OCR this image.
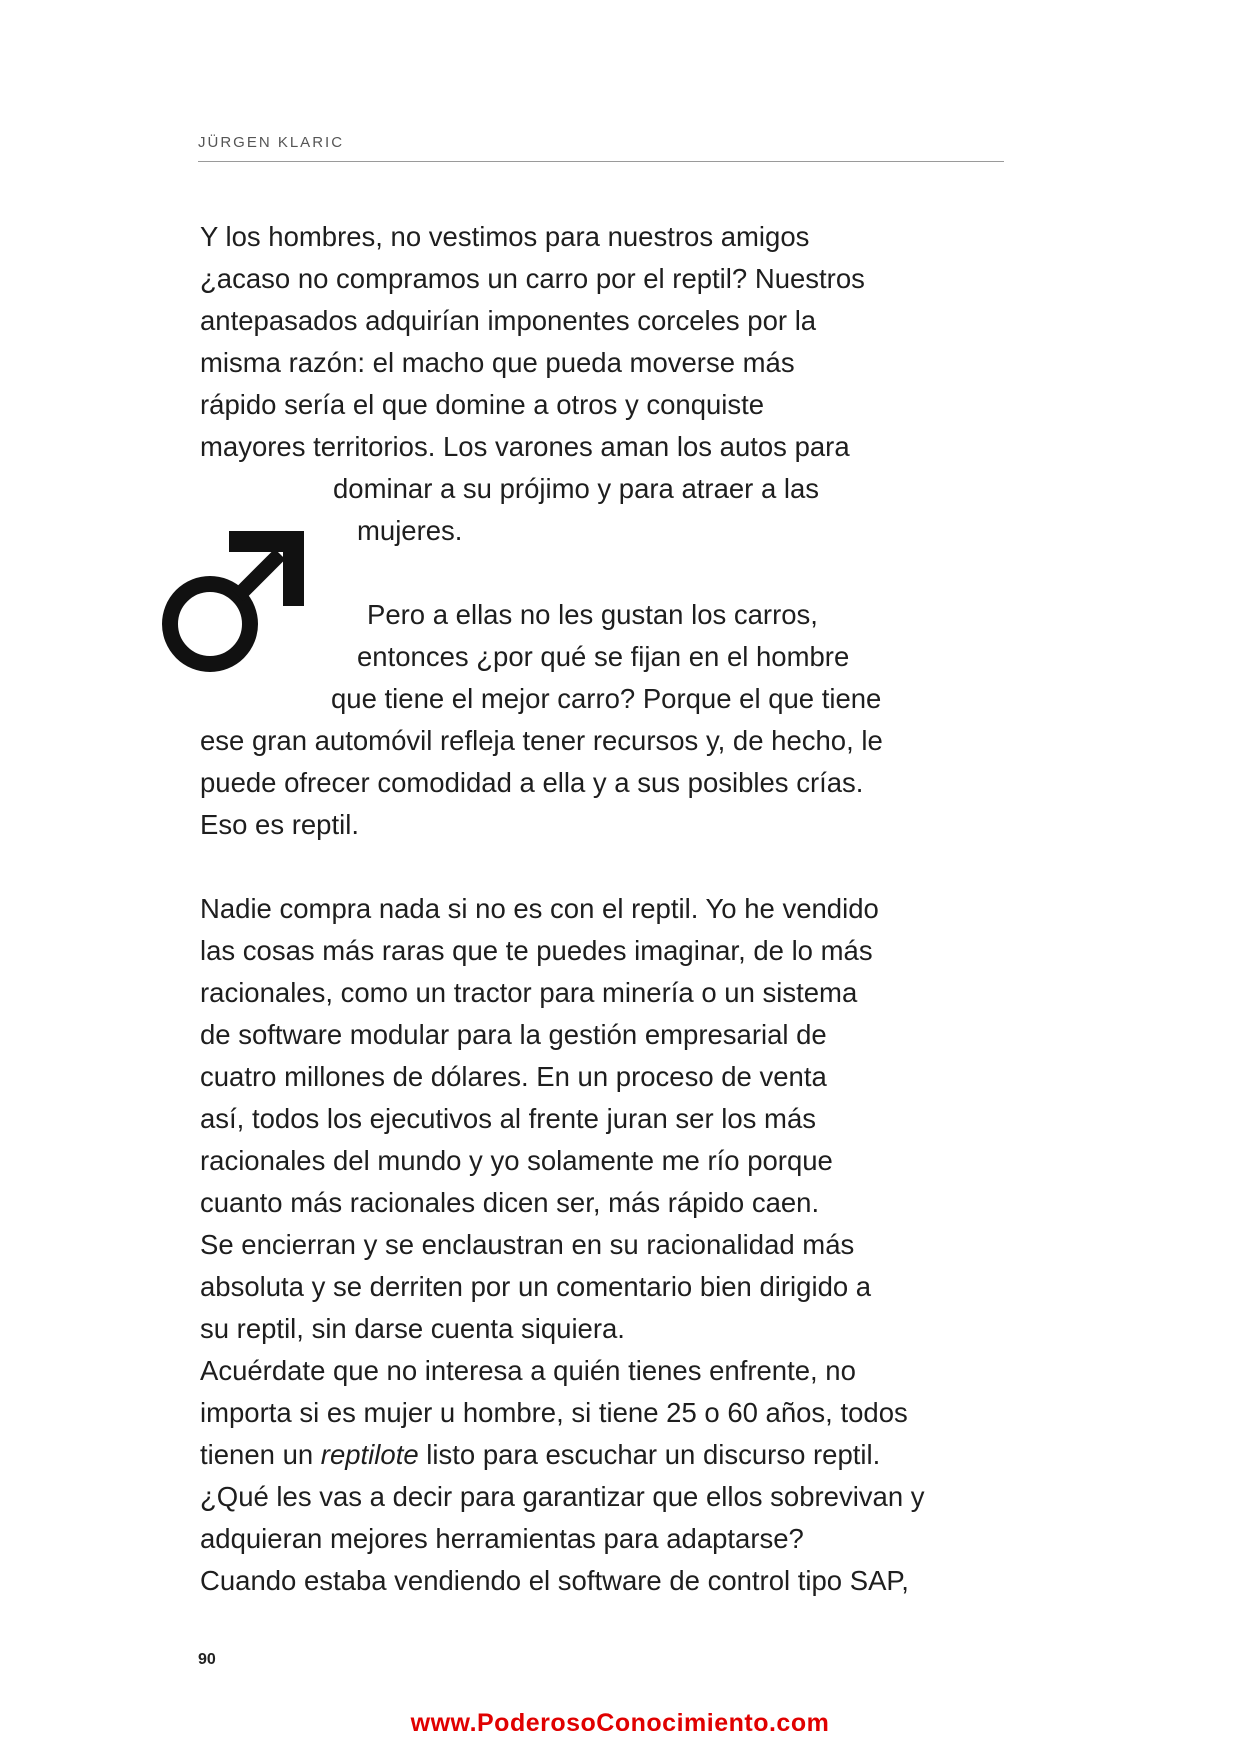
JÜRGEN KLARIC
Y los hombres, no vestimos para nuestros amigos
¿acaso no compramos un carro por el reptil? Nuestros
antepasados adquirían imponentes corceles por la
misma razón: el macho que pueda moverse más
rápido sería el que domine a otros y conquiste
mayores territorios. Los varones aman los autos para
dominar a su prójimo y para atraer a las
mujeres.
Pero a ellas no les gustan los carros,
entonces ¿por qué se fijan en el hombre
que tiene el mejor carro? Porque el que tiene
ese gran automóvil refleja tener recursos y, de hecho, le
puede ofrecer comodidad a ella y a sus posibles crías.
Eso es reptil.
Nadie compra nada si no es con el reptil. Yo he vendido
las cosas más raras que te puedes imaginar, de lo más
racionales, como un tractor para minería o un sistema
de software modular para la gestión empresarial de
cuatro millones de dólares. En un proceso de venta
así, todos los ejecutivos al frente juran ser los más
racionales del mundo y yo solamente me río porque
cuanto más racionales dicen ser, más rápido caen.
Se encierran y se enclaustran en su racionalidad más
absoluta y se derriten por un comentario bien dirigido a
su reptil, sin darse cuenta siquiera.
Acuérdate que no interesa a quién tienes enfrente, no
importa si es mujer u hombre, si tiene 25 o 60 años, todos
tienen un reptilote listo para escuchar un discurso reptil.
¿Qué les vas a decir para garantizar que ellos sobrevivan y
adquieran mejores herramientas para adaptarse?
Cuando estaba vendiendo el software de control tipo SAP,
90
www.PoderosoConocimiento.com
